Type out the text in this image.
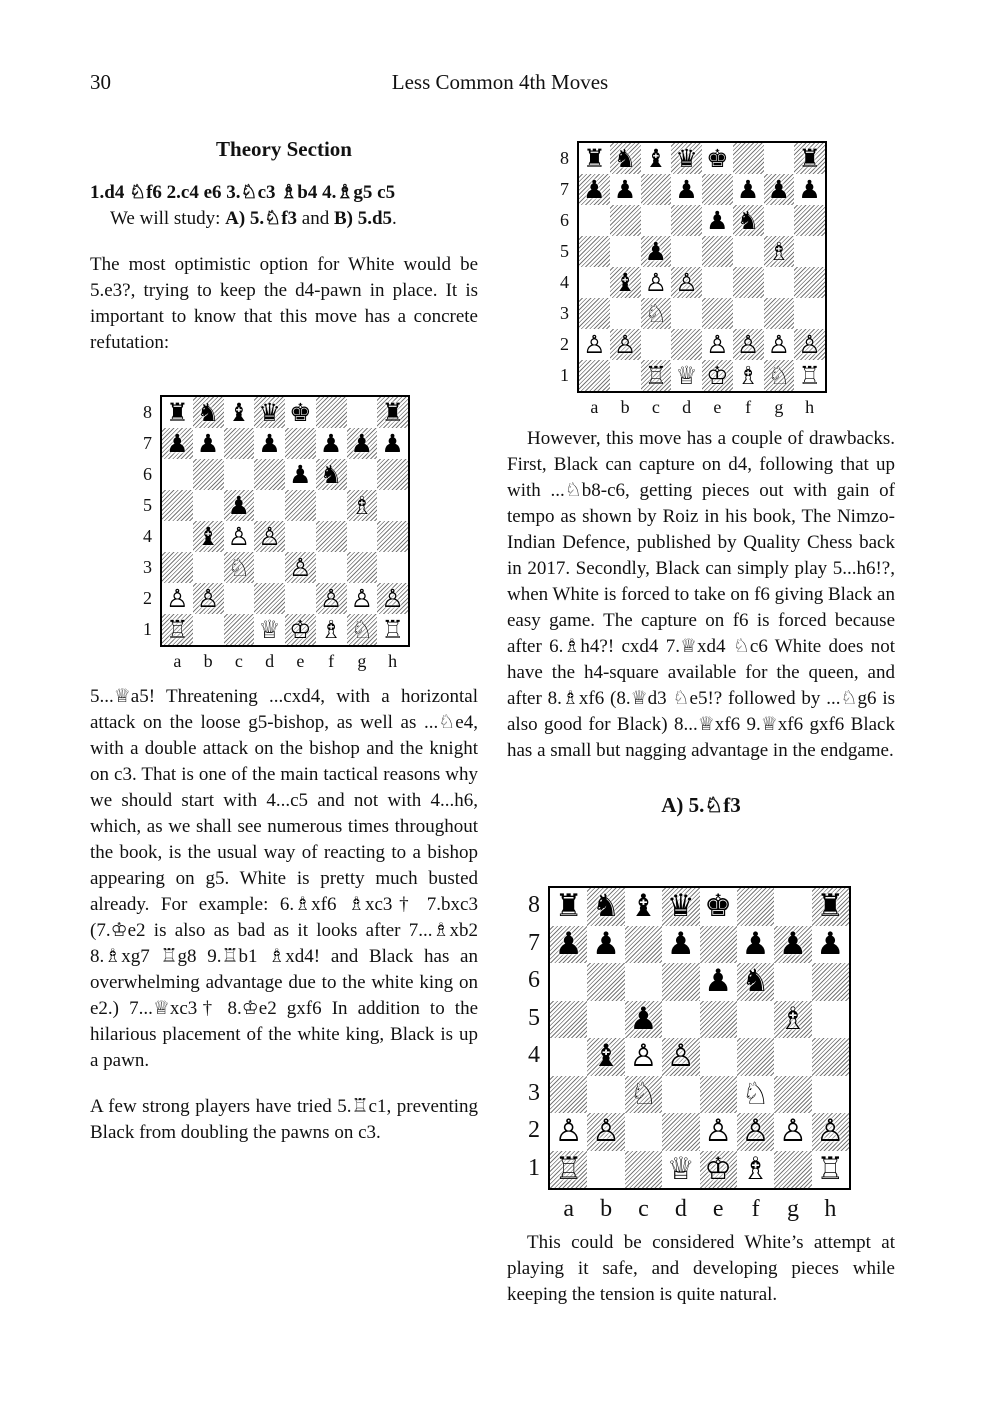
30	Less Common 4th Moves
Theory Section

1.d4 ♘f6 2.c4 e6 3.♘c3 ♗b4 4.♗g5 c5

We will study: A) 5.♘f3 and B) 5.d5.

The most optimistic option for White would be 5.e3?, trying to keep the d4-pawn in place. It is important to know that this move has a concrete refutation:

♜ ♞ ♝ ♛ ♚	♜
♟ ♟ ♟ ♟ ♟ ♟
♟ ♞
♟	♗
♝ ♙ ♙
♘ ♙
♙ ♙	♙ ♙ ♙
♖	♕ ♔ ♗ ♘ ♖
8
7
6
5
4
3
2
1
a	b	c	d	e	f	g	h

5...♕a5! Threatening ...cxd4, with a horizontal attack on the loose g5-bishop, as well as ...♘e4, with a double attack on the bishop and the knight on c3. That is one of the main tactical reasons why we should start with 4...c5 and not with 4...h6, which, as we shall see numerous times throughout the book, is the usual way of reacting to a bishop appearing on g5. White is pretty much busted already. For example: 6.♗xf6 ♗xc3† 7.bxc3 (7.♔e2 is also as bad as it looks after 7...♗xb2 8.♗xg7 ♖g8 9.♖b1 ♗xd4! and Black has an overwhelming advantage due to the white king on e2.) 7...♕xc3† 8.♔e2 gxf6 In addition to the hilarious placement of the white king, Black is up a pawn.

A few strong players have tried 5.♖c1, preventing Black from doubling the pawns on c3.

♜ ♞ ♝ ♛ ♚	♜
♟ ♟ ♟ ♟ ♟ ♟
♟ ♞
♟	♗
♝ ♙ ♙
♘
♙ ♙	♙ ♙ ♙ ♙
♖ ♕ ♔ ♗ ♘ ♖
8
7
6
5
4
3
2
1
a	b	c	d	e	f	g	h

However, this move has a couple of drawbacks. First, Black can capture on d4, following that up with ...♘b8-c6, getting pieces out with gain of tempo as shown by Roiz in his book, The Nimzo-Indian Defence, published by Quality Chess back in 2017. Secondly, Black can simply play 5...h6!?, when White is forced to take on f6 giving Black an easy game. The capture on f6 is forced because after 6.♗h4?! cxd4 7.♕xd4 ♘c6 White does not have the h4-square available for the queen, and after 8.♗xf6 (8.♕d3 ♘e5!? followed by ...♘g6 is also good for Black) 8...♕xf6 9.♕xf6 gxf6 Black has a small but nagging advantage in the endgame.

A) 5.♘f3
♜ ♞ ♝ ♛ ♚	♜
♟ ♟ ♟ ♟ ♟ ♟
♟ ♞
♟	♗
♝ ♙ ♙
♘	♘
♙ ♙	♙ ♙ ♙ ♙
♖	♕ ♔ ♗ ♖
8
7
6
5
4
3
2
1
a	b	c	d	e	f	g	h

This could be considered White’s attempt at playing it safe, and developing pieces while keeping the tension is quite natural.
